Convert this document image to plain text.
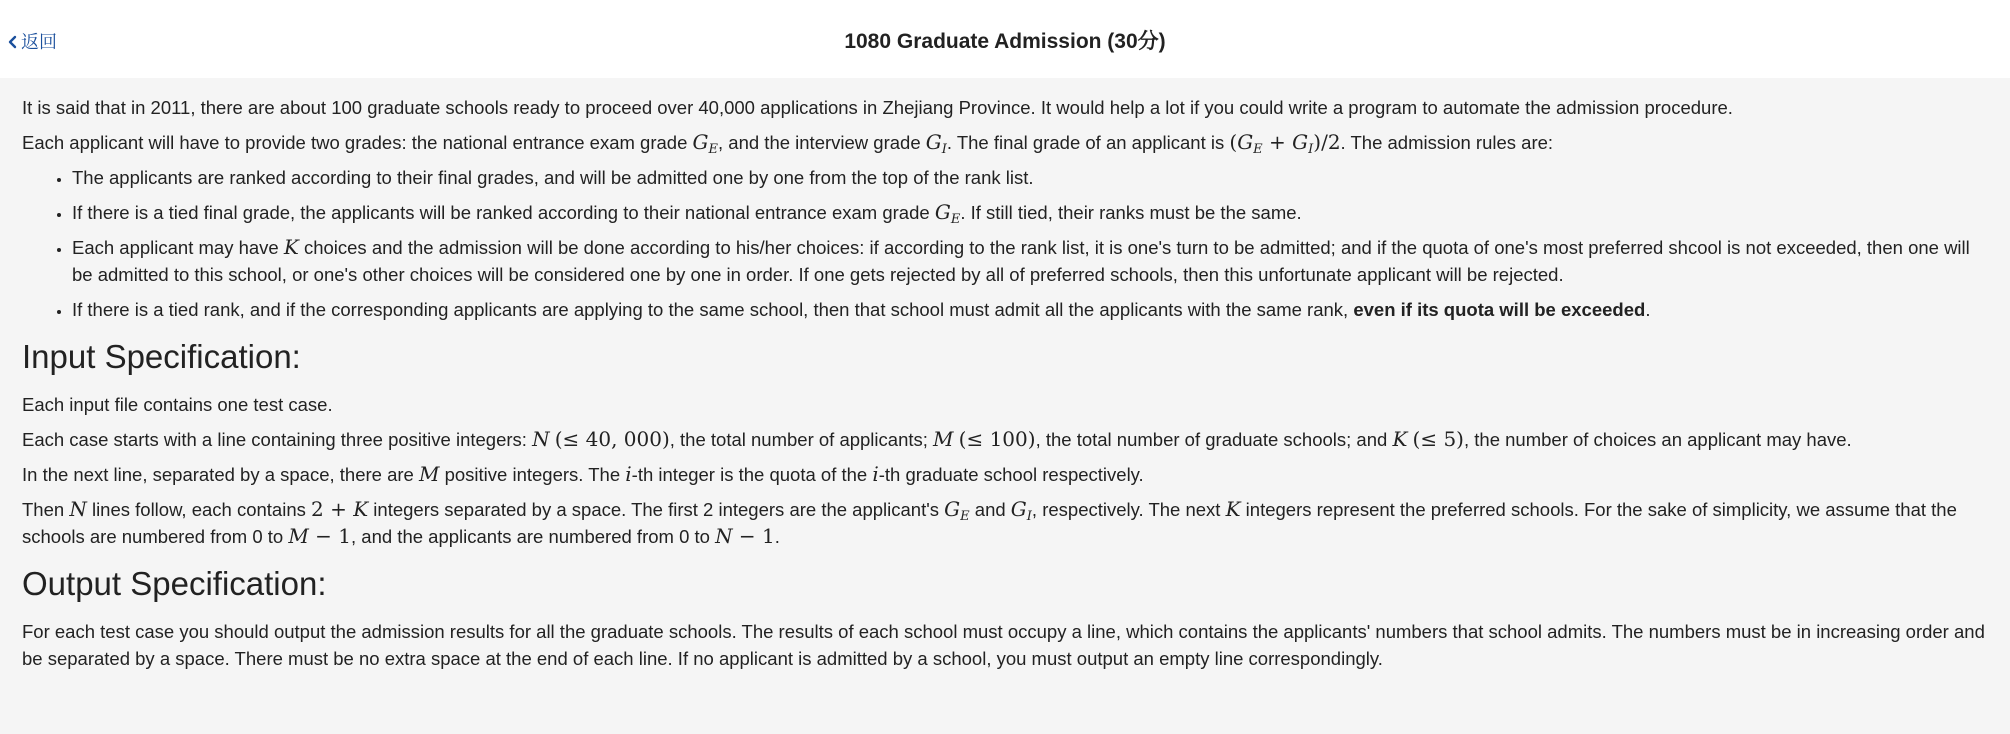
返回	1080 Graduate Admission (30分)

It is said that in 2011, there are about 100 graduate schools ready to proceed over 40,000 applications in Zhejiang Province. It would help a lot if you could write a program to automate the admission procedure.

Each applicant will have to provide two grades: the national entrance exam grade $G_E$, and the interview grade $G_I$. The final grade of an applicant is $(G_E + G_I)/2$. The admission rules are:

• The applicants are ranked according to their final grades, and will be admitted one by one from the top of the rank list.
• If there is a tied final grade, the applicants will be ranked according to their national entrance exam grade $G_E$. If still tied, their ranks must be the same.
• Each applicant may have K choices and the admission will be done according to his/her choices: if according to the rank list, it is one's turn to be admitted; and if the quota of one's most preferred shcool is not exceeded, then one will be admitted to this school, or one's other choices will be considered one by one in order. If one gets rejected by all of preferred schools, then this unfortunate applicant will be rejected.
• If there is a tied rank, and if the corresponding applicants are applying to the same school, then that school must admit all the applicants with the same rank, even if its quota will be exceeded.
Input Specification:

Each input file contains one test case.

Each case starts with a line containing three positive integers: N (≤ 40, 000), the total number of applicants; M (≤ 100), the total number of graduate schools; and K (≤ 5), the number of choices an applicant may have.

In the next line, separated by a space, there are M positive integers. The i-th integer is the quota of the i-th graduate school respectively.

Then N lines follow, each contains 2 + K integers separated by a space. The first 2 integers are the applicant's $G_E$ and $G_I$, respectively. The next K integers represent the preferred schools. For the sake of simplicity, we assume that the schools are numbered from 0 to M − 1, and the applicants are numbered from 0 to N − 1.

Output Specification:

For each test case you should output the admission results for all the graduate schools. The results of each school must occupy a line, which contains the applicants' numbers that school admits. The numbers must be in increasing order and be separated by a space. There must be no extra space at the end of each line. If no applicant is admitted by a school, you must output an empty line correspondingly.
